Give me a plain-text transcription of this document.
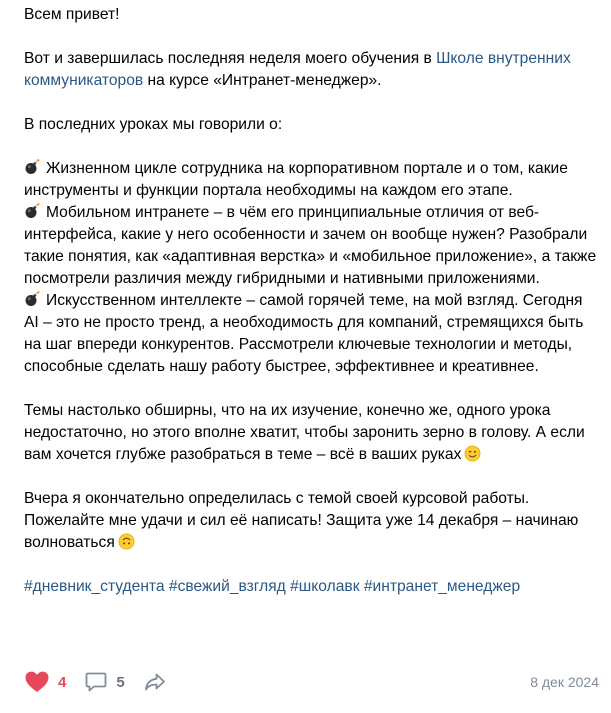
Всем привет!

Вот и завершилась последняя неделя моего обучения в Школе внутренних коммуникаторов на курсе «Интранет-менеджер».

В последних уроках мы говорили о:

Жизненном цикле сотрудника на корпоративном портале и о том, какие инструменты и функции портала необходимы на каждом его этапе.

Мобильном интранете – в чём его принципиальные отличия от веб-интерфейса, какие у него особенности и зачем он вообще нужен? Разобрали такие понятия, как «адаптивная верстка» и «мобильное приложение», а также посмотрели различия между гибридными и нативными приложениями.

Искусственном интеллекте – самой горячей теме, на мой взгляд. Сегодня AI – это не просто тренд, а необходимость для компаний, стремящихся быть на шаг впереди конкурентов. Рассмотрели ключевые технологии и методы, способные сделать нашу работу быстрее, эффективнее и креативнее.

Темы настолько обширны, что на их изучение, конечно же, одного урока недостаточно, но этого вполне хватит, чтобы заронить зерно в голову. А если вам хочется глубже разобраться в теме – всё в ваших руках

Вчера я окончательно определилась с темой своей курсовой работы. Пожелайте мне удачи и сил её написать! Защита уже 14 декабря – начинаю волноваться

#дневник_студента #свежий_взгляд #школавк #интранет_менеджер

4	5	8 дек 2024
